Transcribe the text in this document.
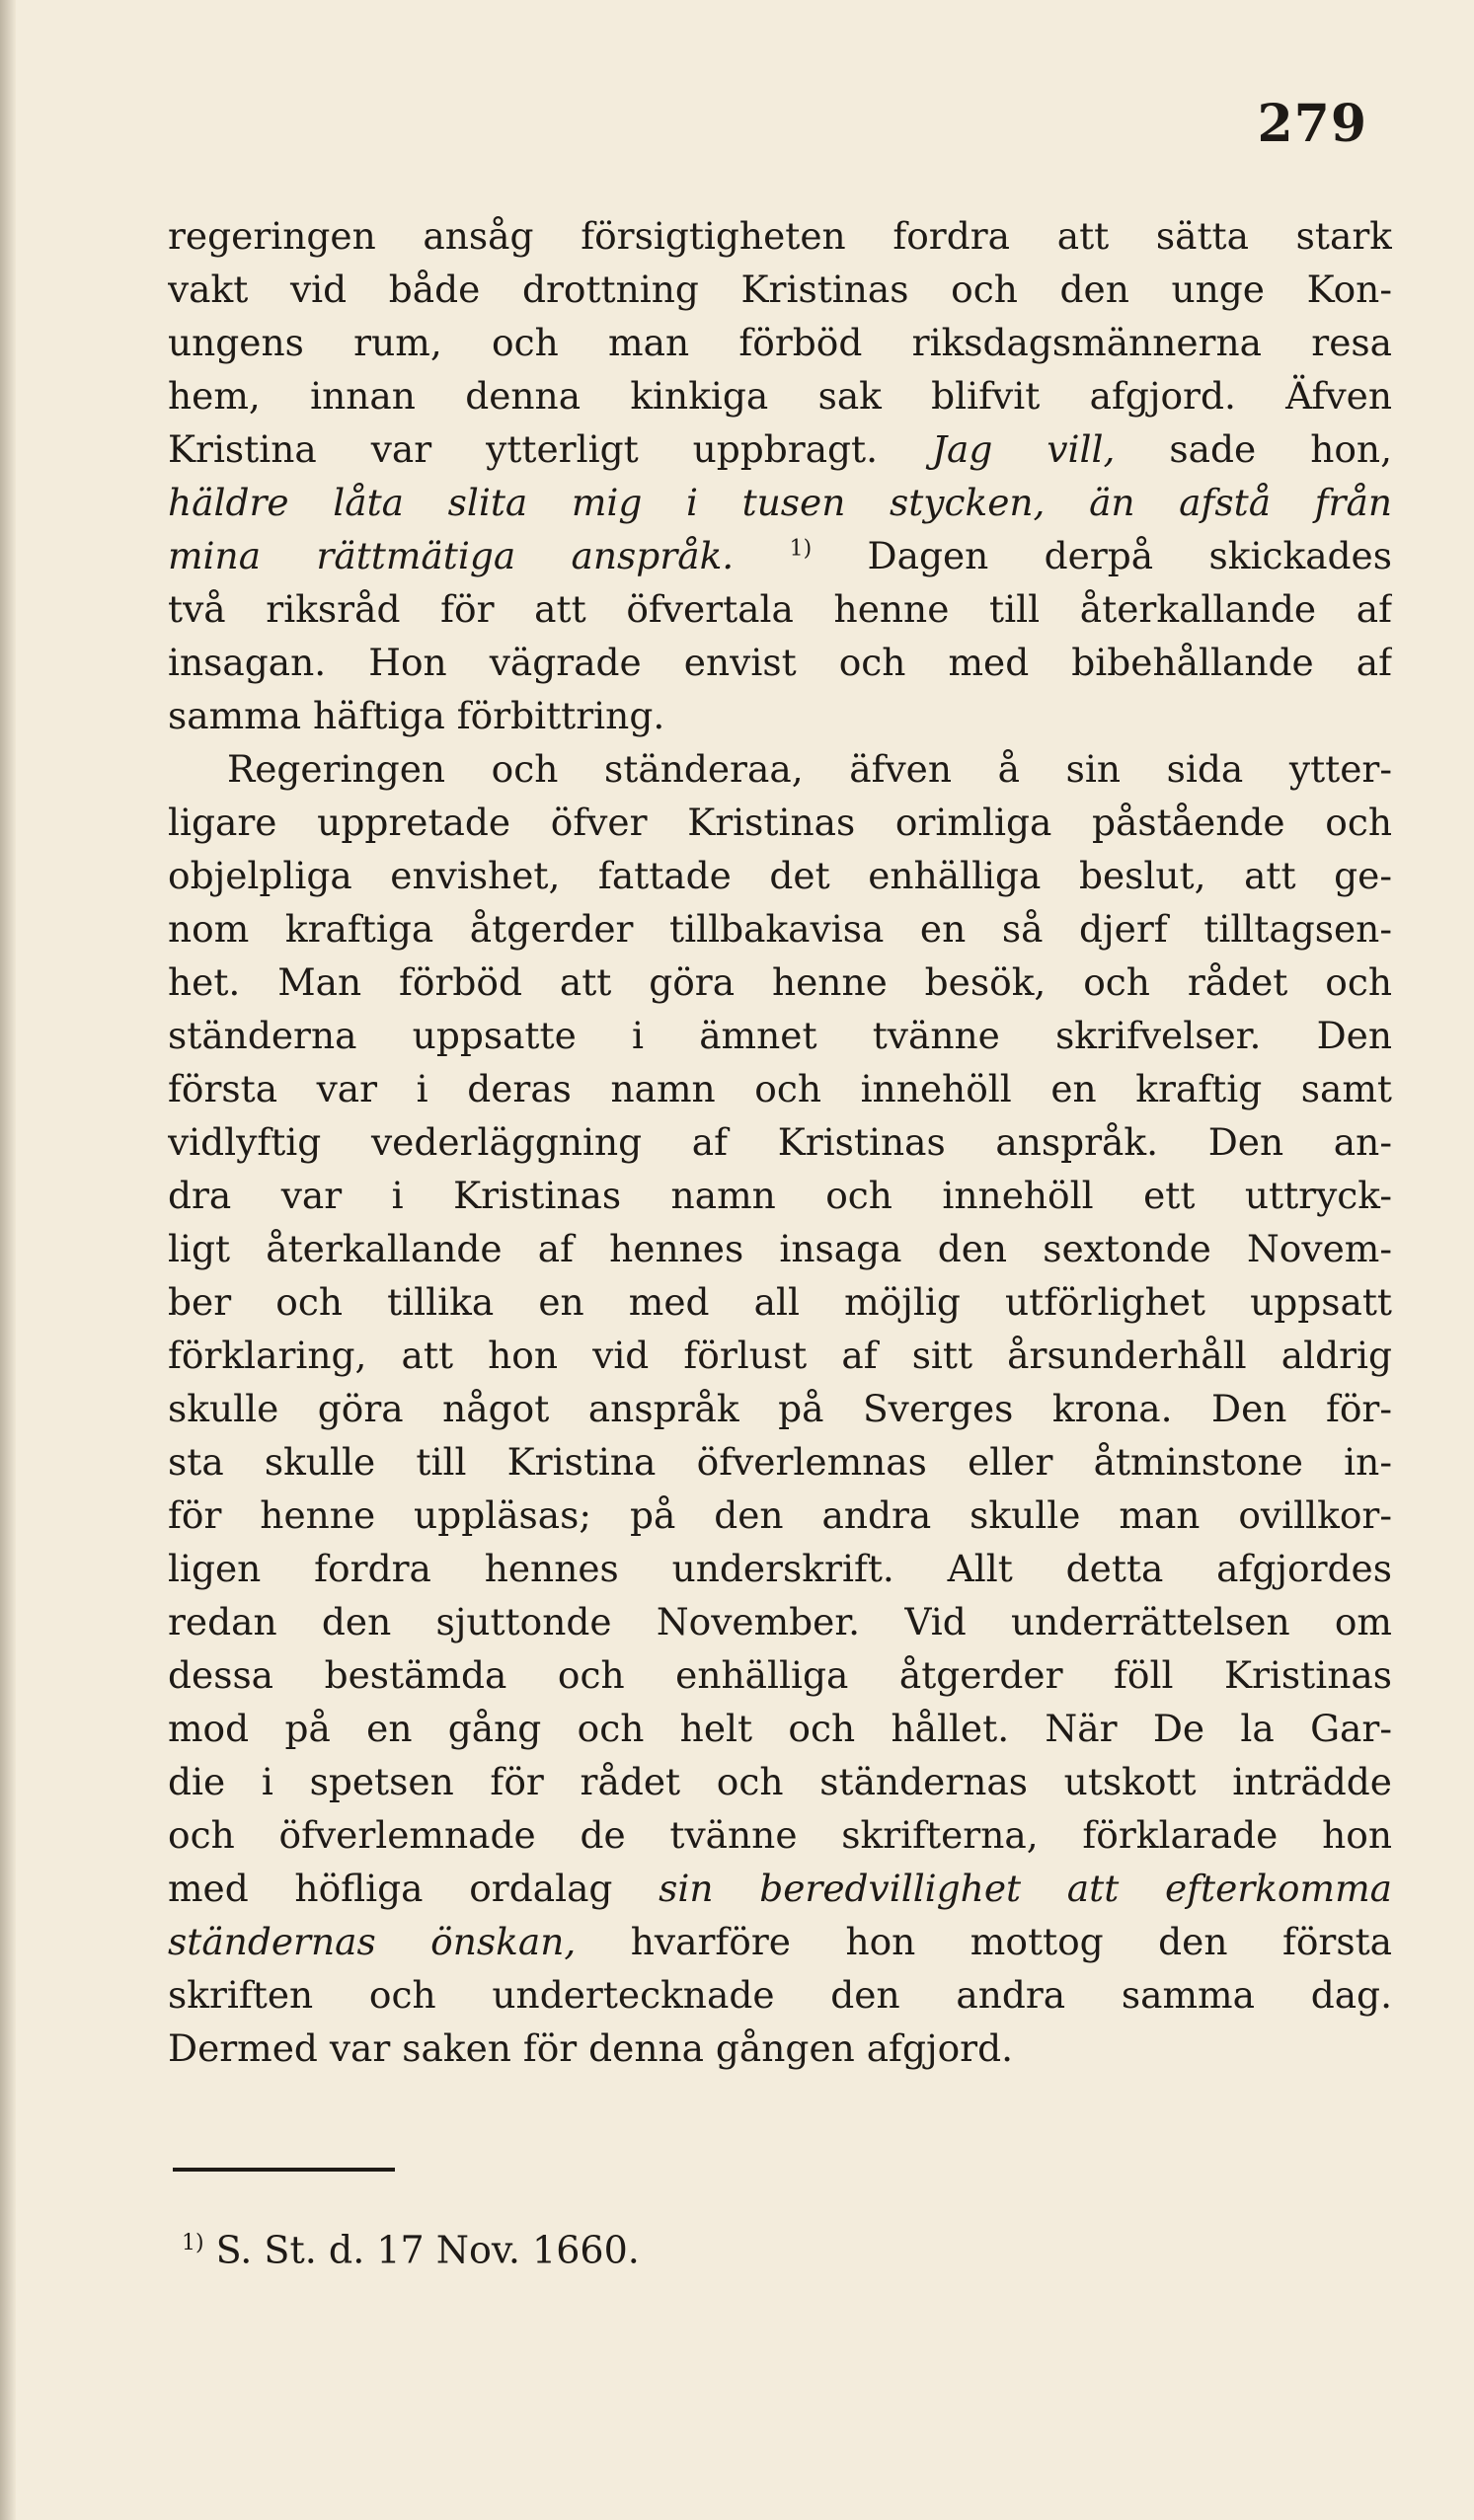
279
regeringen ansåg försigtigheten fordra att sätta stark
vakt vid både drottning Kristinas och den unge Kon-
ungens rum, och man förböd riksdagsmännerna resa
hem, innan denna kinkiga sak blifvit afgjord. Äfven
Kristina var ytterligt uppbragt. Jag vill, sade hon,
häldre låta slita mig i tusen stycken, än afstå från
mina rättmätiga anspråk.	$^{1)}$ Dagen derpå skickades
två riksråd för att öfvertala henne till återkallande af
insagan. Hon vägrade envist och med bibehållande af
samma häftiga förbittring.
Regeringen och ständeraa, äfven å sin sida ytter-
ligare uppretade öfver Kristinas orimliga påstående och
objelpliga envishet, fattade det enhälliga beslut, att ge-
nom kraftiga åtgerder tillbakavisa en så djerf tilltagsen-
het. Man förböd att göra henne besök, och rådet och
ständerna uppsatte i ämnet tvänne skrifvelser. Den
första var i deras namn och innehöll en kraftig samt
vidlyftig vederläggning af Kristinas anspråk. Den an-
dra var i Kristinas namn och innehöll ett uttryck-
ligt återkallande af hennes insaga den sextonde Novem-
ber och tillika en med all möjlig utförlighet uppsatt
förklaring, att hon vid förlust af sitt årsunderhåll aldrig
skulle göra något anspråk på Sverges krona. Den för-
sta skulle till Kristina öfverlemnas eller åtminstone in-
för henne uppläsas; på den andra skulle man ovillkor-
ligen fordra hennes underskrift. Allt detta afgjordes
redan den sjuttonde November. Vid underrättelsen om
dessa bestämda och enhälliga åtgerder föll Kristinas
mod på en gång och helt och hållet. När De la Gar-
die i spetsen för rådet och ständernas utskott inträdde
och öfverlemnade de tvänne skrifterna, förklarade hon
med höfliga ordalag sin beredvillighet att efterkomma
ständernas önskan, hvarföre hon mottog den första
skriften och undertecknade den andra samma dag.
Dermed var saken för denna gången afgjord.
$^{1)}$ S. St. d. 17 Nov. 1660.
